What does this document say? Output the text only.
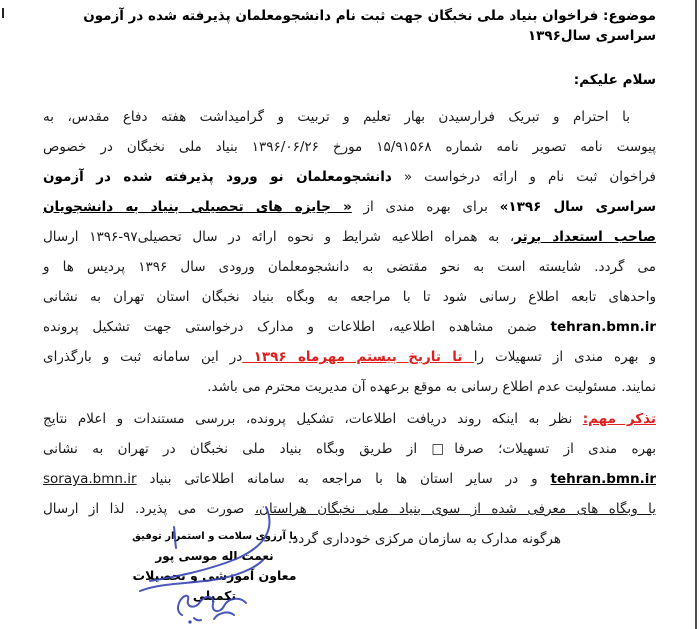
موضوع: فراخوان بنیاد ملی نخبگان جهت ثبت نام دانشجومعلمان پذیرفته شده در آزمون سراسری سال۱۳۹۶
سلام علیکم:
با احترام و تبریک فرارسیدن بهار تعلیم و تربیت و گرامیداشت هفته دفاع مقدس، به
پیوست نامه تصویر نامه شماره ۱۵/۹۱۵۶۸ مورخ ۱۳۹۶/۰۶/۲۶ بنیاد ملی نخبگان در خصوص
فراخوان ثبت نام و ارائه درخواست « دانشجومعلمان نو ورود پذیرفته شده در آزمون
سراسری سال ۱۳۹۶» برای بهره مندی از « جایزه های تحصیلی بنیاد به دانشجویان
صاحب استعداد برتر، به همراه اطلاعیه شرایط و نحوه ارائه در سال تحصیلی۹۷-۱۳۹۶ ارسال
می گردد. شایسته است به نحو مقتضی به دانشجومعلمان ورودی سال ۱۳۹۶ پردیس ها و
واحدهای تابعه اطلاع رسانی شود تا با مراجعه به وبگاه بنیاد نخبگان استان تهران به نشانی
tehran.bmn.ir ضمن مشاهده اطلاعیه، اطلاعات و مدارک درخواستی جهت تشکیل پرونده
و بهره مندی از تسهیلات را تا تاریخ بیستم مهرماه ۱۳۹۶ در این سامانه ثبت و بارگذرای
نمایند. مسئولیت عدم اطلاع رسانی به موقع برعهده آن مدیریت محترم می باشد.
تذکر مهم: نظر به اینکه روند دریافت اطلاعات، تشکیل پرونده، بررسی مستندات و اعلام نتایج
بهره مندی از تسهیلات؛ صرفا□ از طریق وبگاه بنیاد ملی نخبگان در تهران به نشانی
tehran.bmn.ir و در سایر استان ها با مراجعه به سامانه اطلاعاتی بنیاد soraya.bmn.ir
یا وبگاه های معرفی شده از سوی بنیاد ملی نخبگان هراستان، صورت می پذیرد. لذا از ارسال
هرگونه مدارک به سازمان مرکزی خودداری گردد.
با آرزوی سلامت و استمرار توفیق
نعمت اله موسی پور
معاون آموزشی و تحصیلات تکمیلی
